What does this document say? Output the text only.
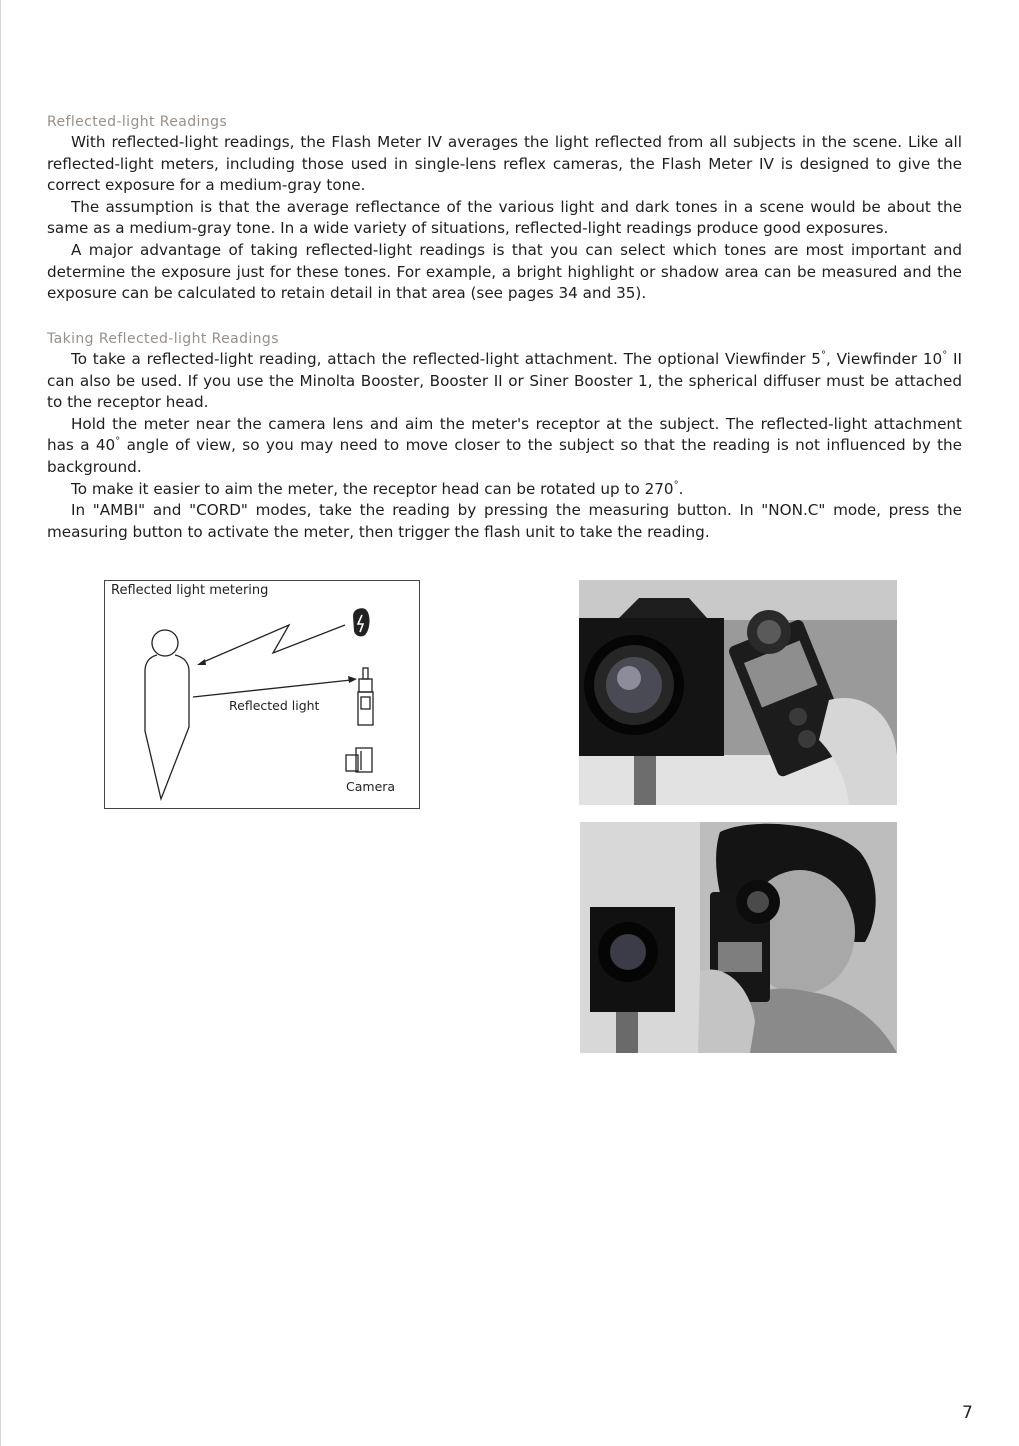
Reflected-light Readings

With reflected-light readings, the Flash Meter IV averages the light reflected from all subjects in the scene. Like all reflected-light meters, including those used in single-lens reflex cameras, the Flash Meter IV is designed to give the correct exposure for a medium-gray tone.

The assumption is that the average reflectance of the various light and dark tones in a scene would be about the same as a medium-gray tone. In a wide variety of situations, reflected-light readings produce good exposures.

A major advantage of taking reflected-light readings is that you can select which tones are most important and determine the exposure just for these tones. For example, a bright highlight or shadow area can be measured and the exposure can be calculated to retain detail in that area (see pages 34 and 35).

Taking Reflected-light Readings

To take a reflected-light reading, attach the reflected-light attachment. The optional Viewfinder 5°, Viewfinder 10° II can also be used. If you use the Minolta Booster, Booster II or Siner Booster 1, the spherical diffuser must be attached to the receptor head.

Hold the meter near the camera lens and aim the meter's receptor at the subject. The reflected-light attachment has a 40° angle of view, so you may need to move closer to the subject so that the reading is not influenced by the background.

To make it easier to aim the meter, the receptor head can be rotated up to 270°.

In "AMBI" and "CORD" modes, take the reading by pressing the measuring button. In "NON.C" mode, press the measuring button to activate the meter, then trigger the flash unit to take the reading.

Reflected light metering
Reflected light
Camera
7
